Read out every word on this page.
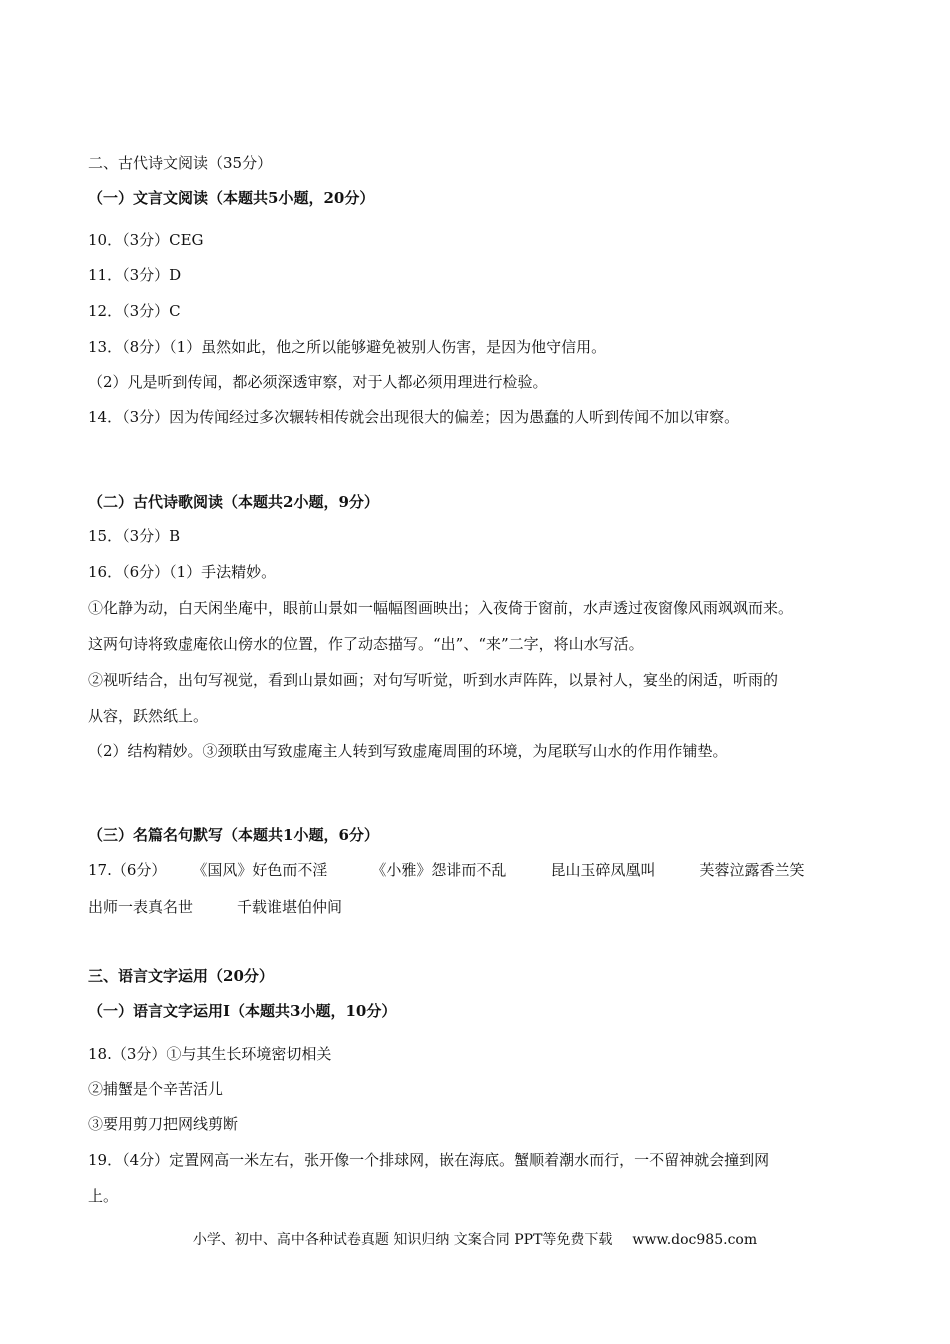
二、古代诗文阅读（35分）
（一）文言文阅读（本题共5小题，20分）
10．（3分）CEG
11．（3分）D
12．（3分）C
13．（8分）（1）虽然如此，他之所以能够避免被别人伤害，是因为他守信用。
（2）凡是听到传闻，都必须深透审察，对于人都必须用理进行检验。
14．（3分）因为传闻经过多次辗转相传就会出现很大的偏差；因为愚蠢的人听到传闻不加以审察。
（二）古代诗歌阅读（本题共2小题，9分）
15．（3分）B
16．（6分）（1）手法精妙。
①化静为动，白天闲坐庵中，眼前山景如一幅幅图画映出；入夜倚于窗前，水声透过夜窗像风雨飒飒而来。
这两句诗将致虚庵依山傍水的位置，作了动态描写。“出”、“来”二字，将山水写活。
②视听结合，出句写视觉，看到山景如画；对句写听觉，听到水声阵阵，以景衬人，宴坐的闲适，听雨的
从容，跃然纸上。
（2）结构精妙。③颈联由写致虚庵主人转到写致虚庵周围的环境，为尾联写山水的作用作铺垫。
（三）名篇名句默写（本题共1小题，6分）
17.（6分） 《国风》好色而不淫	《小雅》怨诽而不乱	昆山玉碎凤凰叫	芙蓉泣露香兰笑
出师一表真名世	千载谁堪伯仲间
三、语言文字运用（20分）
（一）语言文字运用Ⅰ（本题共3小题，10分）
18.（3分）①与其生长环境密切相关
②捕蟹是个辛苦活儿
③要用剪刀把网线剪断
19．（4分）定置网高一米左右，张开像一个排球网，嵌在海底。蟹顺着潮水而行，一不留神就会撞到网
上。
小学、初中、高中各种试卷真题 知识归纳 文案合同 PPT等免费下载 www.doc985.com
